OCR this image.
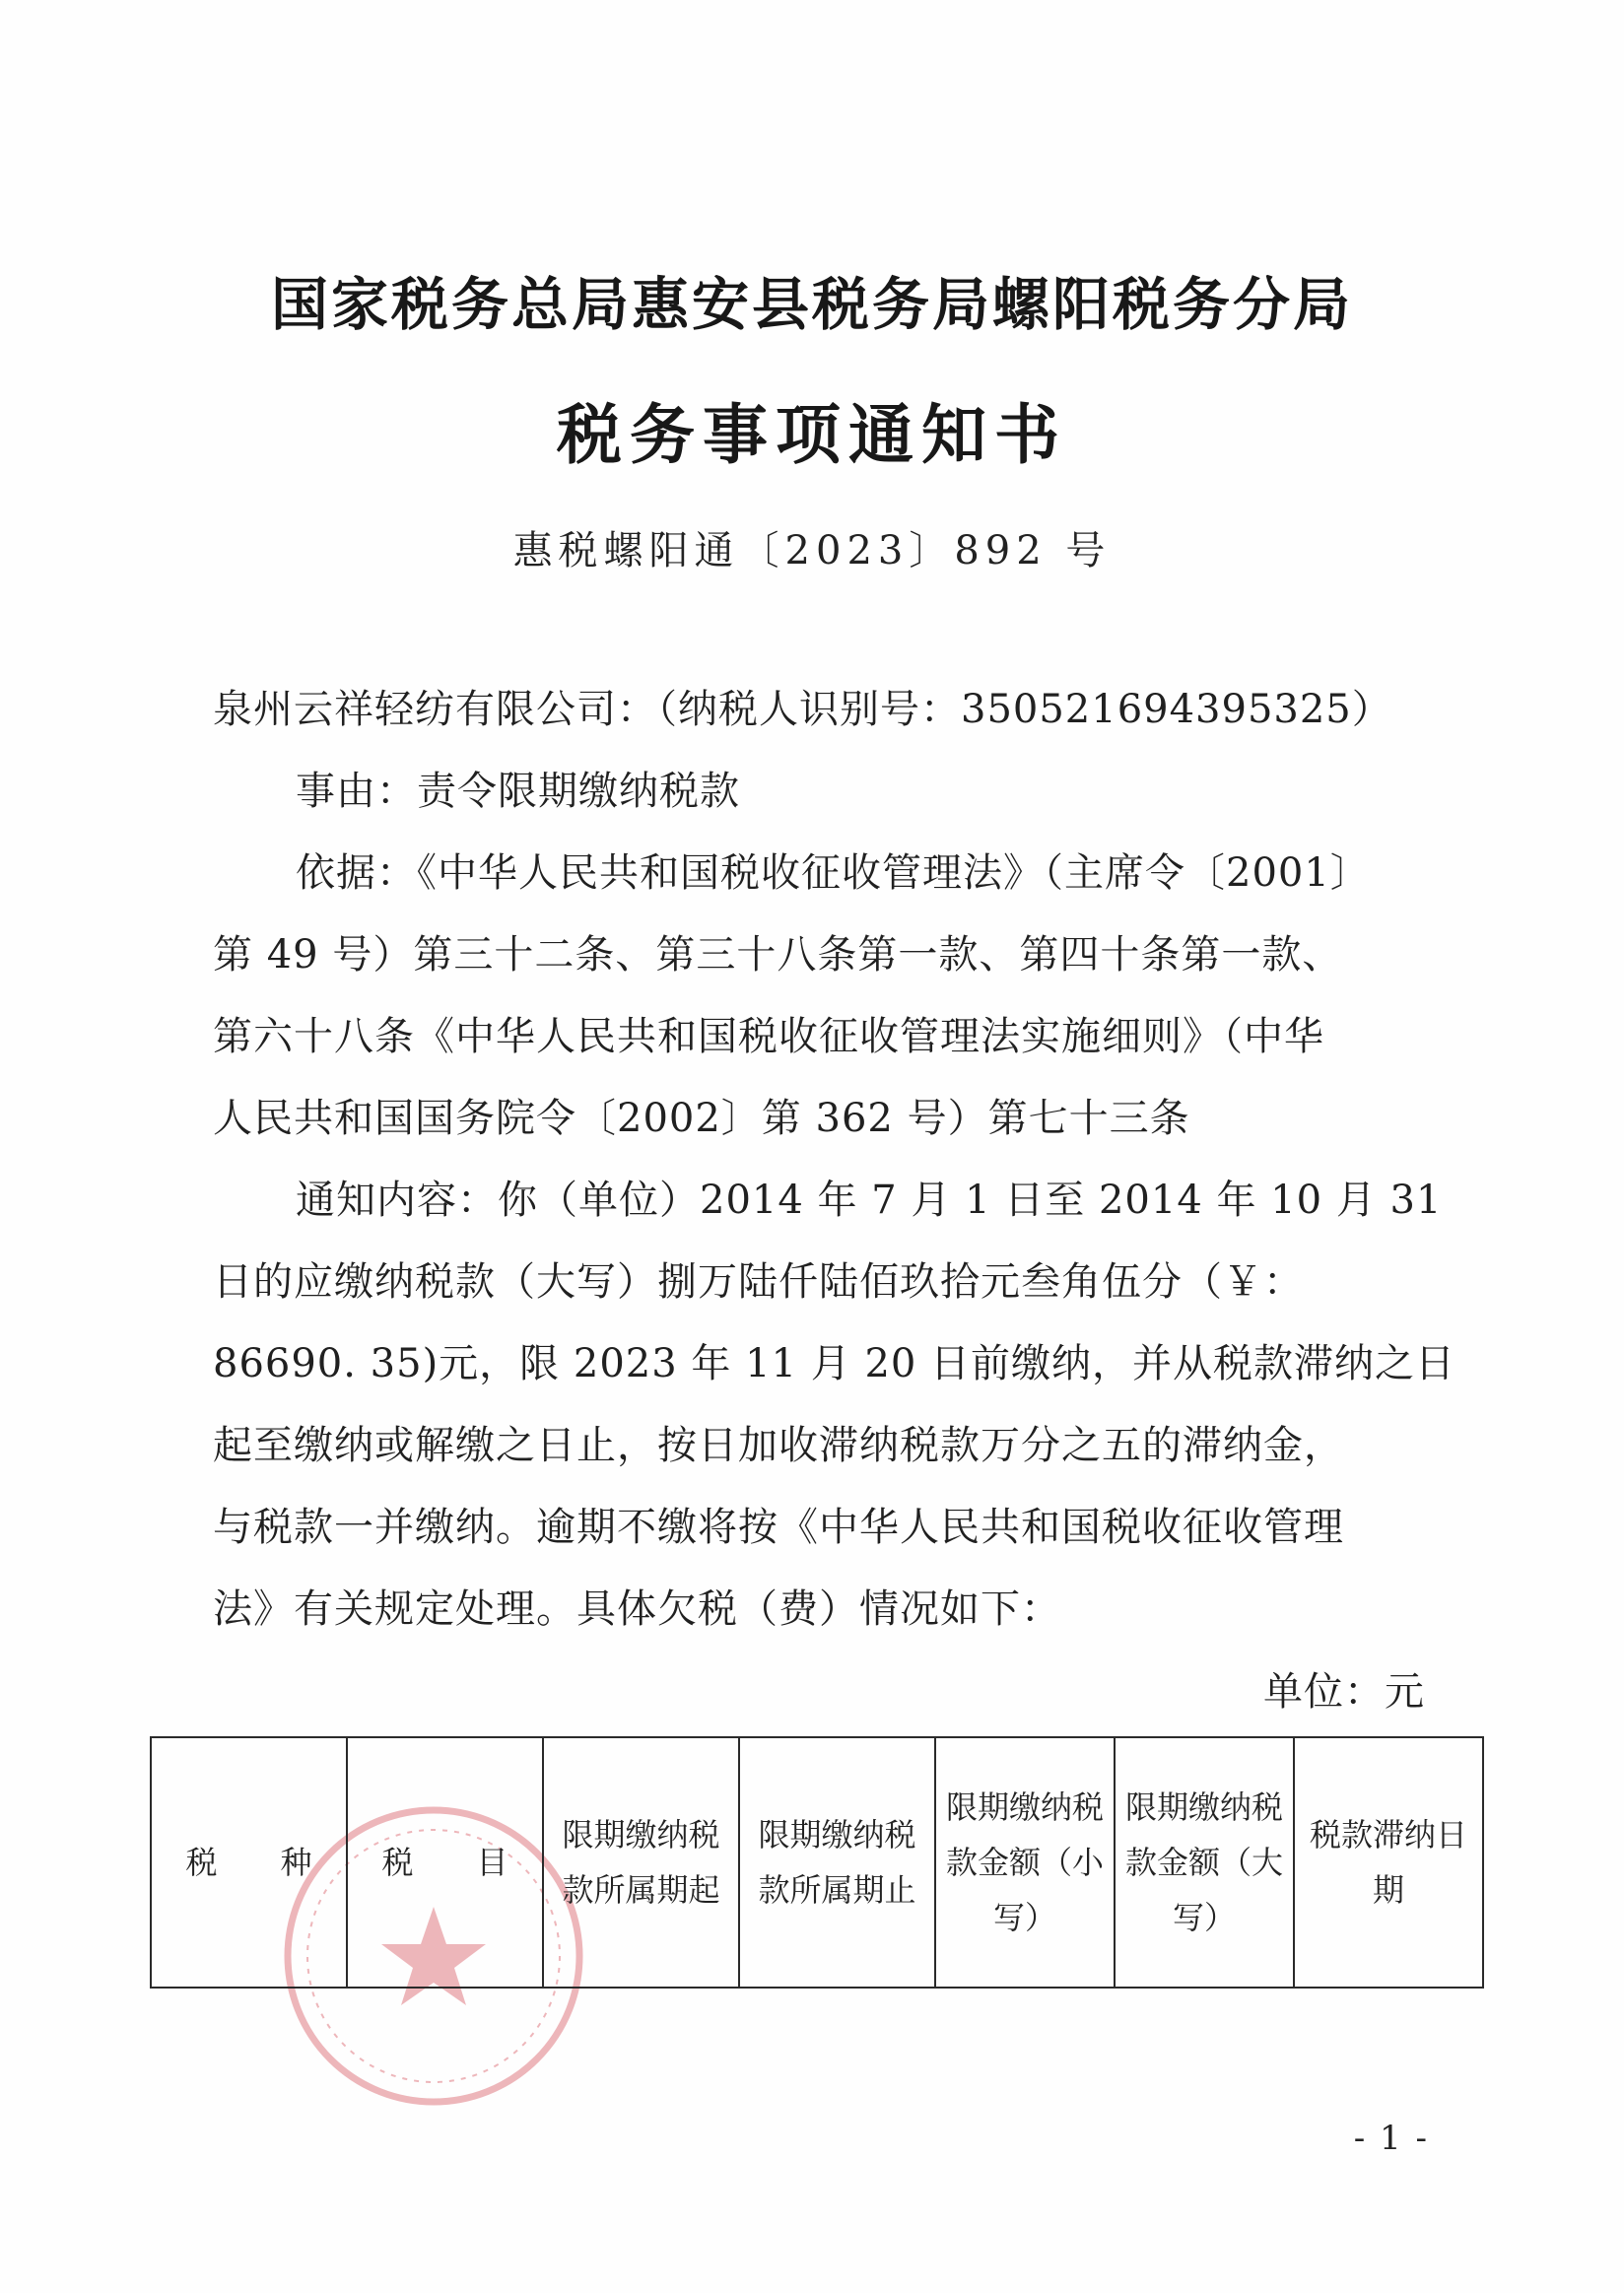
国家税务总局惠安县税务局螺阳税务分局
税务事项通知书
惠税螺阳通〔2023〕892 号
泉州云祥轻纺有限公司：（纳税人识别号：350521694395325）
事由：责令限期缴纳税款
依据：《中华人民共和国税收征收管理法》（主席令〔2001〕
第 49 号）第三十二条、第三十八条第一款、第四十条第一款、
第六十八条《中华人民共和国税收征收管理法实施细则》（中华
人民共和国国务院令〔2002〕第 362 号）第七十三条
通知内容：你（单位）2014 年 7 月 1 日至 2014 年 10 月 31
日的应缴纳税款（大写）捌万陆仟陆佰玖拾元叁角伍分（￥：
86690. 35)元，限 2023 年 11 月 20 日前缴纳，并从税款滞纳之日
起至缴纳或解缴之日止，按日加收滞纳税款万分之五的滞纳金，
与税款一并缴纳。逾期不缴将按《中华人民共和国税收征收管理
法》有关规定处理。具体欠税（费）情况如下：
单位：元
税　　种	税　　目	限期缴纳税款所属期起	限期缴纳税款所属期止	限期缴纳税款金额（小写）	限期缴纳税款金额（大写）	税款滞纳日期
- 1 -
